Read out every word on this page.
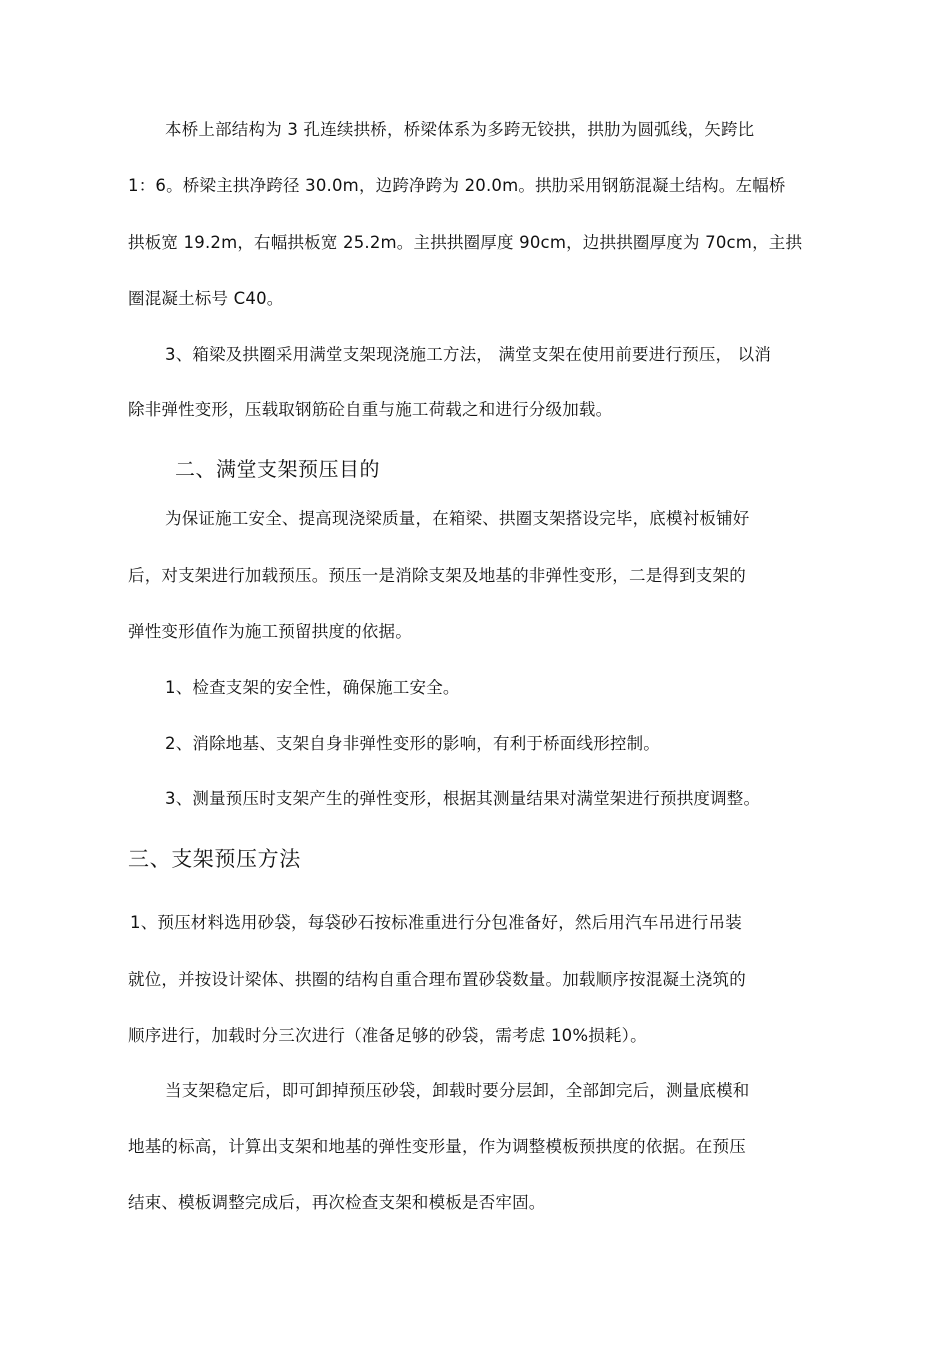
本桥上部结构为 3 孔连续拱桥，桥梁体系为多跨无铰拱，拱肋为圆弧线，矢跨比
1：6。桥梁主拱净跨径 30.0m，边跨净跨为 20.0m。拱肋采用钢筋混凝土结构。左幅桥
拱板宽 19.2m，右幅拱板宽 25.2m。主拱拱圈厚度 90cm，边拱拱圈厚度为 70cm，主拱
圈混凝土标号 C40。
3、箱梁及拱圈采用满堂支架现浇施工方法， 满堂支架在使用前要进行预压， 以消
除非弹性变形，压载取钢筋砼自重与施工荷载之和进行分级加载。
二、满堂支架预压目的
为保证施工安全、提高现浇梁质量，在箱梁、拱圈支架搭设完毕，底模衬板铺好
后，对支架进行加载预压。预压一是消除支架及地基的非弹性变形，二是得到支架的
弹性变形值作为施工预留拱度的依据。
1、检查支架的安全性，确保施工安全。
2、消除地基、支架自身非弹性变形的影响，有利于桥面线形控制。
3、测量预压时支架产生的弹性变形，根据其测量结果对满堂架进行预拱度调整。
三、支架预压方法
1、预压材料选用砂袋，每袋砂石按标准重进行分包准备好，然后用汽车吊进行吊装
就位，并按设计梁体、拱圈的结构自重合理布置砂袋数量。加载顺序按混凝土浇筑的
顺序进行，加载时分三次进行（准备足够的砂袋，需考虑 10%损耗）。
当支架稳定后，即可卸掉预压砂袋，卸载时要分层卸，全部卸完后，测量底模和
地基的标高，计算出支架和地基的弹性变形量，作为调整模板预拱度的依据。在预压
结束、模板调整完成后，再次检查支架和模板是否牢固。
